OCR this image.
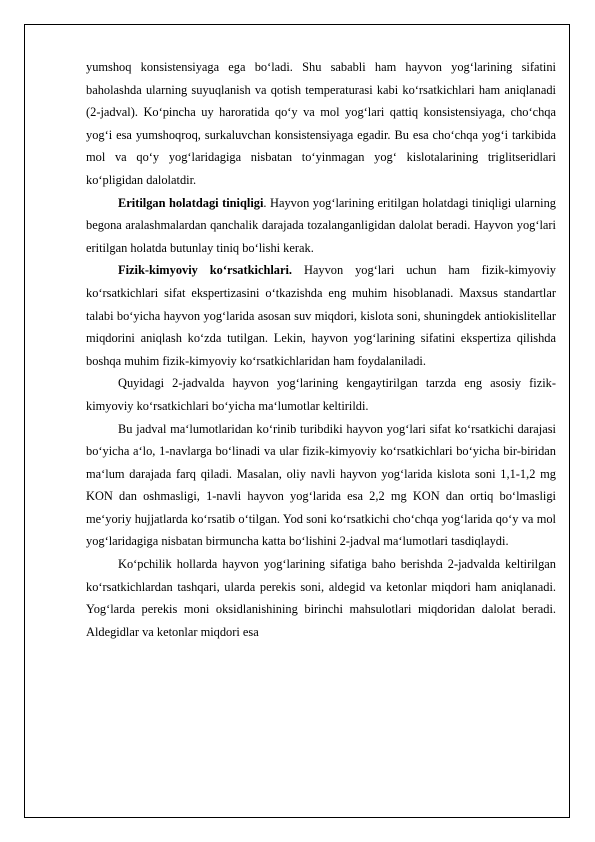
yumshoq konsistensiyaga ega boʻladi. Shu sababli ham hayvon yogʻlarining sifatini baholashda ularning suyuqlanish va qotish temperaturasi kabi koʻrsatkichlari ham aniqlanadi (2-jadval). Koʻpincha uy haroratida qoʻy va mol yogʻlari qattiq konsistensiyaga, choʻchqa yogʻi esa yumshoqroq, surkaluvchan konsistensiyaga egadir. Bu esa choʻchqa yogʻi tarkibida mol va qoʻy yogʻlaridagiga nisbatan toʻyinmagan yogʻ kislotalarining triglitseridlari koʻpligidan dalolatdir.

Eritilgan holatdagi tiniqligi. Hayvon yogʻlarining eritilgan holatdagi tiniqligi ularning begona aralashmalardan qanchalik darajada tozalanganligidan dalolat beradi. Hayvon yogʻlari eritilgan holatda butunlay tiniq boʻlishi kerak.

Fizik-kimyoviy koʻrsatkichlari. Hayvon yogʻlari uchun ham fizik-kimyoviy koʻrsatkichlari sifat ekspertizasini oʻtkazishda eng muhim hisoblanadi. Maxsus standartlar talabi boʻyicha hayvon yogʻlarida asosan suv miqdori, kislota soni, shuningdek antiokislitellar miqdorini aniqlash koʻzda tutilgan. Lekin, hayvon yogʻlarining sifatini ekspertiza qilishda boshqa muhim fizik-kimyoviy koʻrsatkichlaridan ham foydalaniladi.

Quyidagi 2-jadvalda hayvon yogʻlarining kengaytirilgan tarzda eng asosiy fizik-kimyoviy koʻrsatkichlari boʻyicha maʻlumotlar keltirildi.

Bu jadval maʻlumotlaridan koʻrinib turibdiki hayvon yogʻlari sifat koʻrsatkichi darajasi boʻyicha aʻlo, 1-navlarga boʻlinadi va ular fizik-kimyoviy koʻrsatkichlari boʻyicha bir-biridan maʻlum darajada farq qiladi. Masalan, oliy navli hayvon yogʻlarida kislota soni 1,1-1,2 mg KON dan oshmasligi, 1-navli hayvon yogʻlarida esa 2,2 mg KON dan ortiq boʻlmasligi meʻyoriy hujjatlarda koʻrsatib oʻtilgan. Yod soni koʻrsatkichi choʻchqa yogʻlarida qoʻy va mol yogʻlaridagiga nisbatan birmuncha katta boʻlishini 2-jadval maʻlumotlari tasdiqlaydi.

Koʻpchilik hollarda hayvon yogʻlarining sifatiga baho berishda 2-jadvalda keltirilgan koʻrsatkichlardan tashqari, ularda perekis soni, aldegid va ketonlar miqdori ham aniqlanadi. Yogʻlarda perekis moni oksidlanishining birinchi mahsulotlari miqdoridan dalolat beradi. Aldegidlar va ketonlar miqdori esa
